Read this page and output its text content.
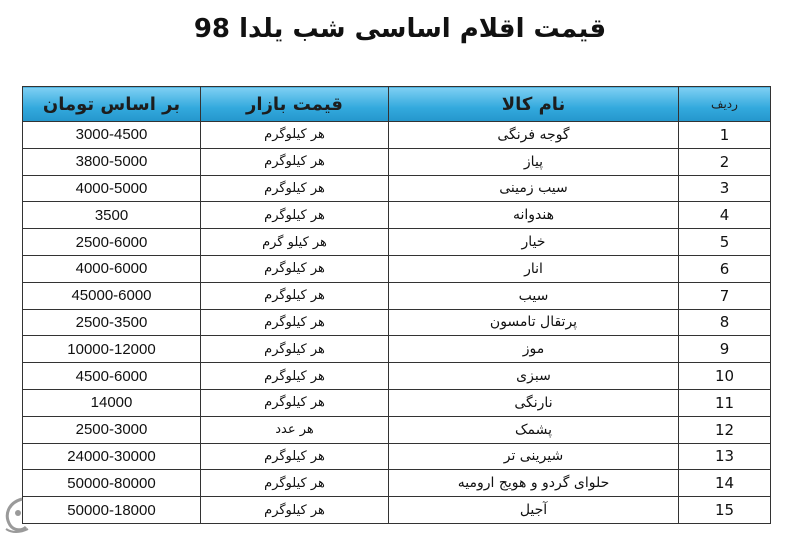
قیمت اقلام اساسی شب یلدا 98
ردیف	نام کالا	قیمت بازار	بر اساس تومان
1	گوجه فرنگی	هر کیلوگرم	3000-4500
2	پیاز	هر کیلوگرم	3800-5000
3	سیب زمینی	هر کیلوگرم	4000-5000
4	هندوانه	هر کیلوگرم	3500
5	خیار	هر کیلو گرم	2500-6000
6	انار	هر کیلوگرم	4000-6000
7	سیب	هر کیلوگرم	45000-6000
8	پرتقال تامسون	هر کیلوگرم	2500-3500
9	موز	هر کیلوگرم	10000-12000
10	سبزی	هر کیلوگرم	4500-6000
11	نارنگی	هر کیلوگرم	14000
12	پشمک	هر عدد	2500-3000
13	شیرینی تر	هر کیلوگرم	24000-30000
14	حلوای گردو و هویج ارومیه	هر کیلوگرم	50000-80000
15	آجیل	هر کیلوگرم	50000-18000
